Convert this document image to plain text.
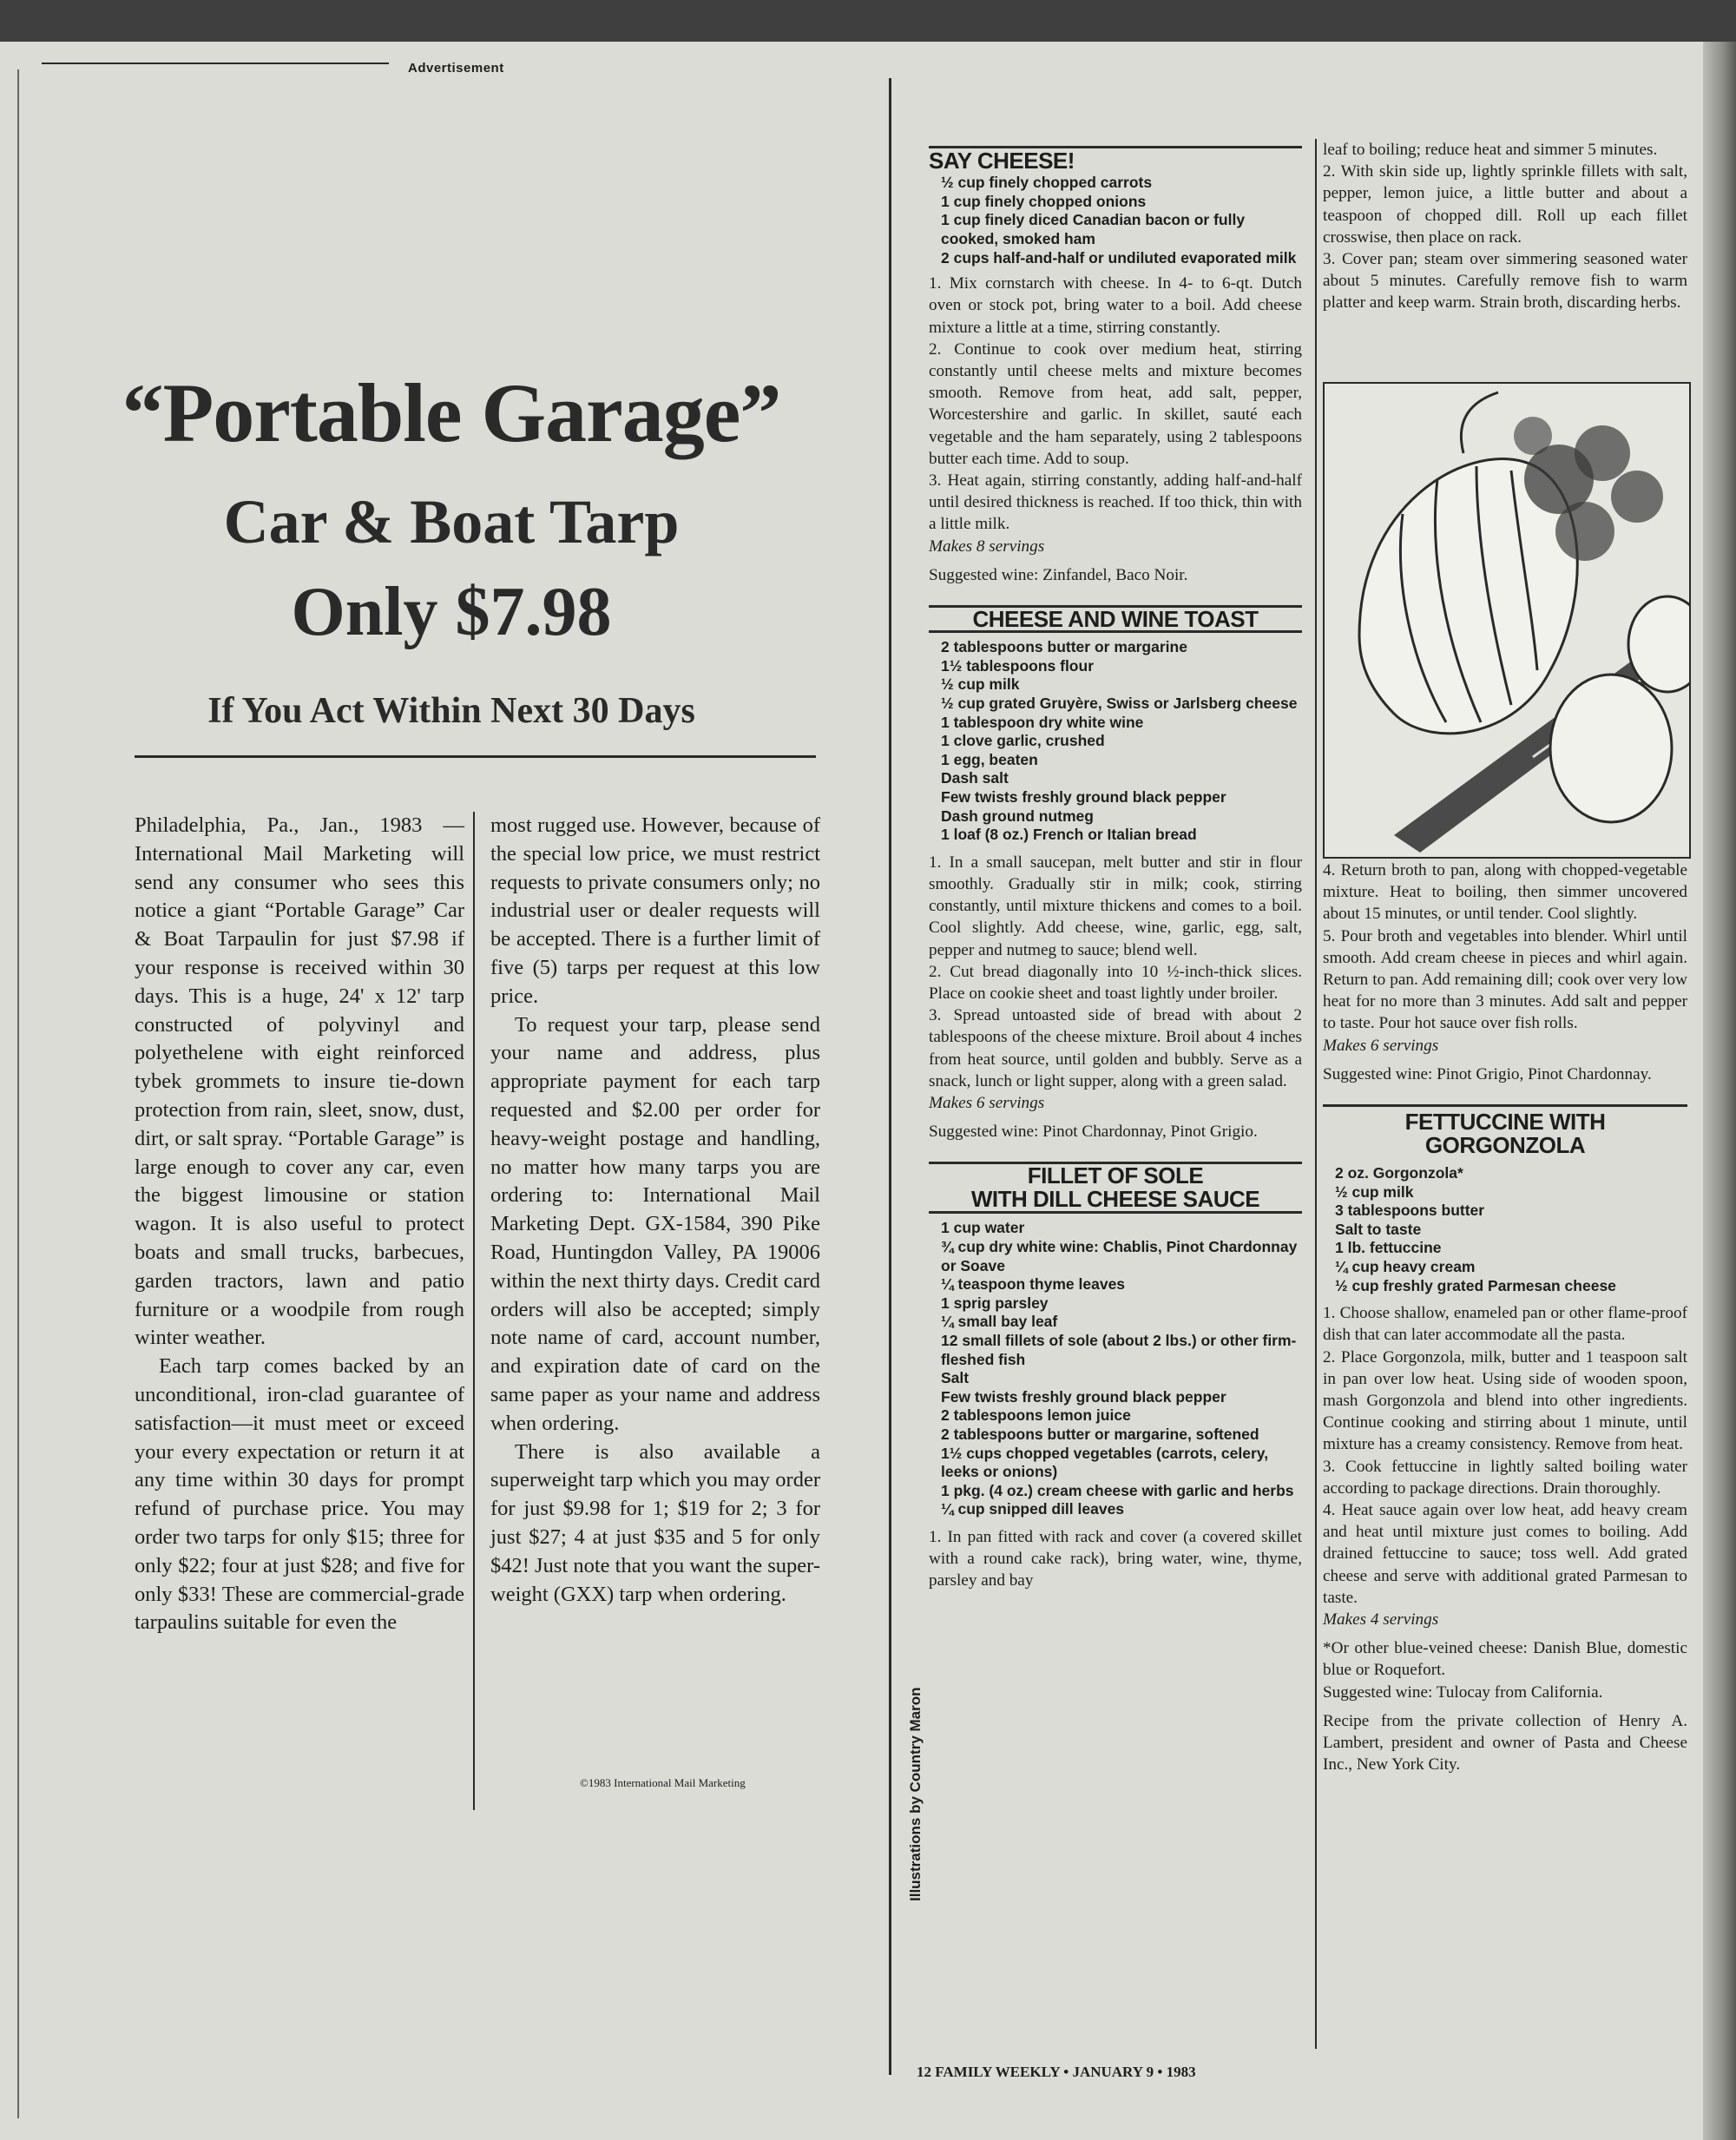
Advertisement
“Portable Garage”
Car & Boat Tarp
Only $7.98
If You Act Within Next 30 Days

Philadelphia, Pa., Jan., 1983 —International Mail Marketing will send any consumer who sees this notice a giant “Portable Garage” Car & Boat Tarpaulin for just $7.98 if your response is received within 30 days. This is a huge, 24' x 12' tarp constructed of polyvinyl and polyethelene with eight reinforced tybek grommets to insure tie-down protection from rain, sleet, snow, dust, dirt, or salt spray. “Portable Garage” is large enough to cover any car, even the biggest limousine or station wagon. It is also useful to protect boats and small trucks, barbecues, garden tractors, lawn and patio furniture or a woodpile from rough winter weather.

Each tarp comes backed by an unconditional, iron-clad guarantee of satisfaction—it must meet or exceed your every expectation or return it at any time within 30 days for prompt refund of purchase price. You may order two tarps for only $15; three for only $22; four at just $28; and five for only $33! These are commercial-grade tarpaulins suitable for even the

most rugged use. However, because of the special low price, we must restrict requests to private consumers only; no industrial user or dealer requests will be accepted. There is a further limit of five (5) tarps per request at this low price.

To request your tarp, please send your name and address, plus appropriate payment for each tarp requested and $2.00 per order for heavy-weight postage and handling, no matter how many tarps you are ordering to: International Mail Marketing Dept. GX-1584, 390 Pike Road, Huntingdon Valley, PA 19006 within the next thirty days. Credit card orders will also be accepted; simply note name of card, account number, and expiration date of card on the same paper as your name and address when ordering.

There is also available a superweight tarp which you may order for just $9.98 for 1; $19 for 2; 3 for just $27; 4 at just $35 and 5 for only $42! Just note that you want the super-weight (GXX) tarp when ordering.

©1983 International Mail Marketing
SAY CHEESE!
½ cup finely chopped carrots
1 cup finely chopped onions
1 cup finely diced Canadian bacon or fully cooked, smoked ham
2 cups half-and-half or undiluted evaporated milk

1. Mix cornstarch with cheese. In 4- to 6-qt. Dutch oven or stock pot, bring water to a boil. Add cheese mixture a little at a time, stirring constantly.

2. Continue to cook over medium heat, stirring constantly until cheese melts and mixture becomes smooth. Remove from heat, add salt, pepper, Worcestershire and garlic. In skillet, sauté each vegetable and the ham separately, using 2 tablespoons butter each time. Add to soup.

3. Heat again, stirring constantly, adding half-and-half until desired thickness is reached. If too thick, thin with a little milk.

Makes 8 servings

Suggested wine: Zinfandel, Baco Noir.

CHEESE AND WINE TOAST
2 tablespoons butter or margarine
1½ tablespoons flour
½ cup milk
½ cup grated Gruyère, Swiss or Jarlsberg cheese
1 tablespoon dry white wine
1 clove garlic, crushed
1 egg, beaten
Dash salt
Few twists freshly ground black pepper
Dash ground nutmeg
1 loaf (8 oz.) French or Italian bread

1. In a small saucepan, melt butter and stir in flour smoothly. Gradually stir in milk; cook, stirring constantly, until mixture thickens and comes to a boil. Cool slightly. Add cheese, wine, garlic, egg, salt, pepper and nutmeg to sauce; blend well.

2. Cut bread diagonally into 10 ½-inch-thick slices. Place on cookie sheet and toast lightly under broiler.

3. Spread untoasted side of bread with about 2 tablespoons of the cheese mixture. Broil about 4 inches from heat source, until golden and bubbly. Serve as a snack, lunch or light supper, along with a green salad.

Makes 6 servings

Suggested wine: Pinot Chardonnay, Pinot Grigio.

FILLET OF SOLE
WITH DILL CHEESE SAUCE
1 cup water
¾ cup dry white wine: Chablis, Pinot Chardonnay or Soave
¼ teaspoon thyme leaves
1 sprig parsley
¼ small bay leaf
12 small fillets of sole (about 2 lbs.) or other firm-fleshed fish
Salt
Few twists freshly ground black pepper
2 tablespoons lemon juice
2 tablespoons butter or margarine, softened
1½ cups chopped vegetables (carrots, celery, leeks or onions)
1 pkg. (4 oz.) cream cheese with garlic and herbs
¼ cup snipped dill leaves

1. In pan fitted with rack and cover (a covered skillet with a round cake rack), bring water, wine, thyme, parsley and bay

leaf to boiling; reduce heat and simmer 5 minutes.

2. With skin side up, lightly sprinkle fillets with salt, pepper, lemon juice, a little butter and about a teaspoon of chopped dill. Roll up each fillet crosswise, then place on rack.

3. Cover pan; steam over simmering seasoned water about 5 minutes. Carefully remove fish to warm platter and keep warm. Strain broth, discarding herbs.

4. Return broth to pan, along with chopped-vegetable mixture. Heat to boiling, then simmer uncovered about 15 minutes, or until tender. Cool slightly.

5. Pour broth and vegetables into blender. Whirl until smooth. Add cream cheese in pieces and whirl again. Return to pan. Add remaining dill; cook over very low heat for no more than 3 minutes. Add salt and pepper to taste. Pour hot sauce over fish rolls.

Makes 6 servings

Suggested wine: Pinot Grigio, Pinot Chardonnay.

FETTUCCINE WITH
GORGONZOLA
2 oz. Gorgonzola*
½ cup milk
3 tablespoons butter
Salt to taste
1 lb. fettuccine
¼ cup heavy cream
½ cup freshly grated Parmesan cheese

1. Choose shallow, enameled pan or other flame-proof dish that can later accommodate all the pasta.

2. Place Gorgonzola, milk, butter and 1 teaspoon salt in pan over low heat. Using side of wooden spoon, mash Gorgonzola and blend into other ingredients. Continue cooking and stirring about 1 minute, until mixture has a creamy consistency. Remove from heat.

3. Cook fettuccine in lightly salted boiling water according to package directions. Drain thoroughly.

4. Heat sauce again over low heat, add heavy cream and heat until mixture just comes to boiling. Add drained fettuccine to sauce; toss well. Add grated cheese and serve with additional grated Parmesan to taste.

Makes 4 servings

*Or other blue-veined cheese: Danish Blue, domestic blue or Roquefort.

Suggested wine: Tulocay from California.

Recipe from the private collection of Henry A. Lambert, president and owner of Pasta and Cheese Inc., New York City.

Illustrations by Country Maron
12 FAMILY WEEKLY • JANUARY 9 • 1983
